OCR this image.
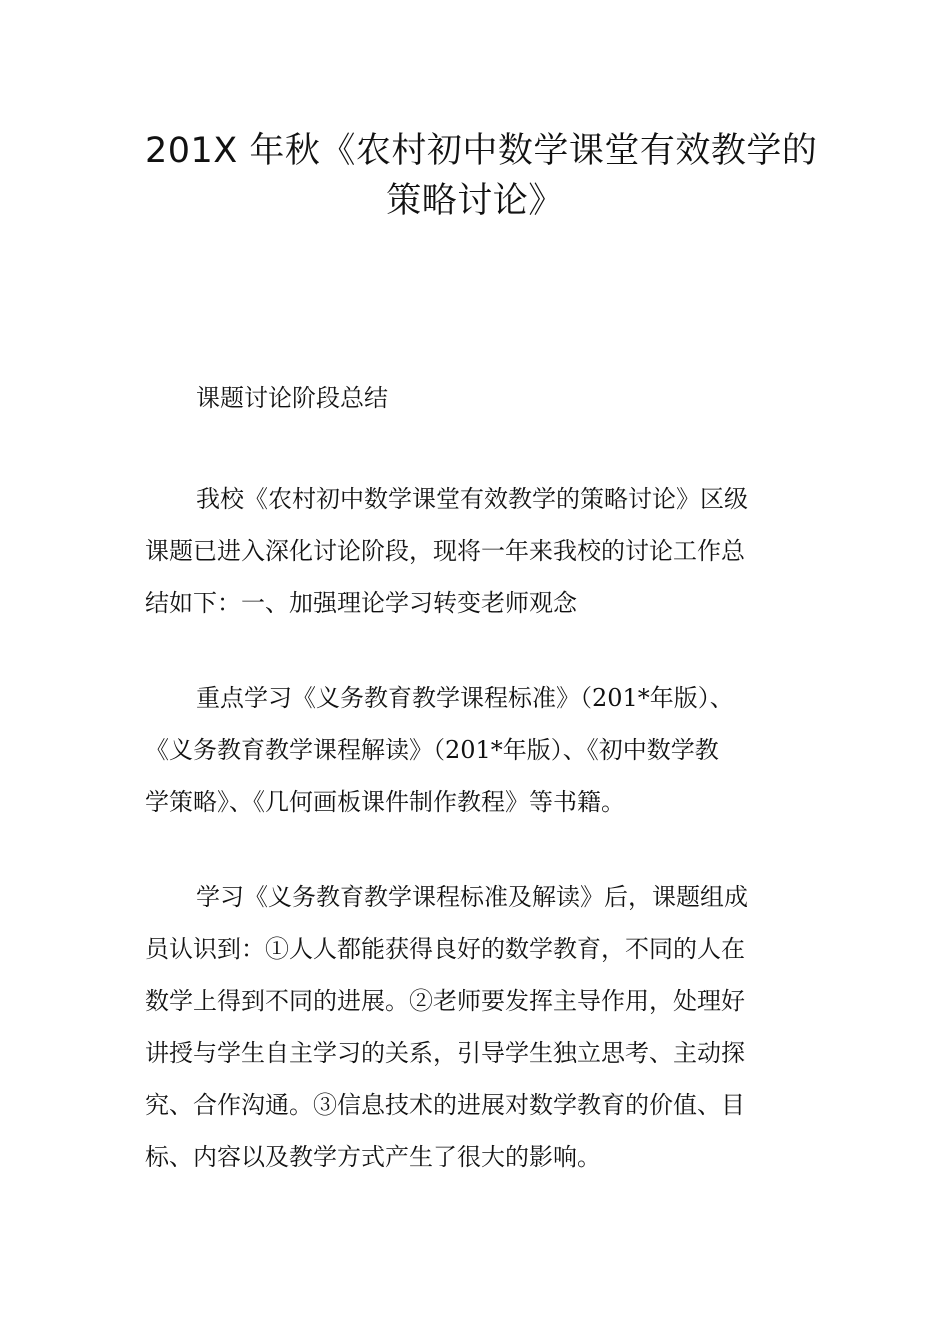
201X 年秋《农村初中数学课堂有效教学的
策略讨论》

课题讨论阶段总结

我校《农村初中数学课堂有效教学的策略讨论》区级
课题已进入深化讨论阶段，现将一年来我校的讨论工作总
结如下：一、加强理论学习转变老师观念

重点学习《义务教育教学课程标准》（201*年版）、
《义务教育教学课程解读》（201*年版）、《初中数学教
学策略》、《几何画板课件制作教程》等书籍。

学习《义务教育教学课程标准及解读》后，课题组成
员认识到：①人人都能获得良好的数学教育，不同的人在
数学上得到不同的进展。②老师要发挥主导作用，处理好
讲授与学生自主学习的关系，引导学生独立思考、主动探
究、合作沟通。③信息技术的进展对数学教育的价值、目
标、内容以及教学方式产生了很大的影响。
